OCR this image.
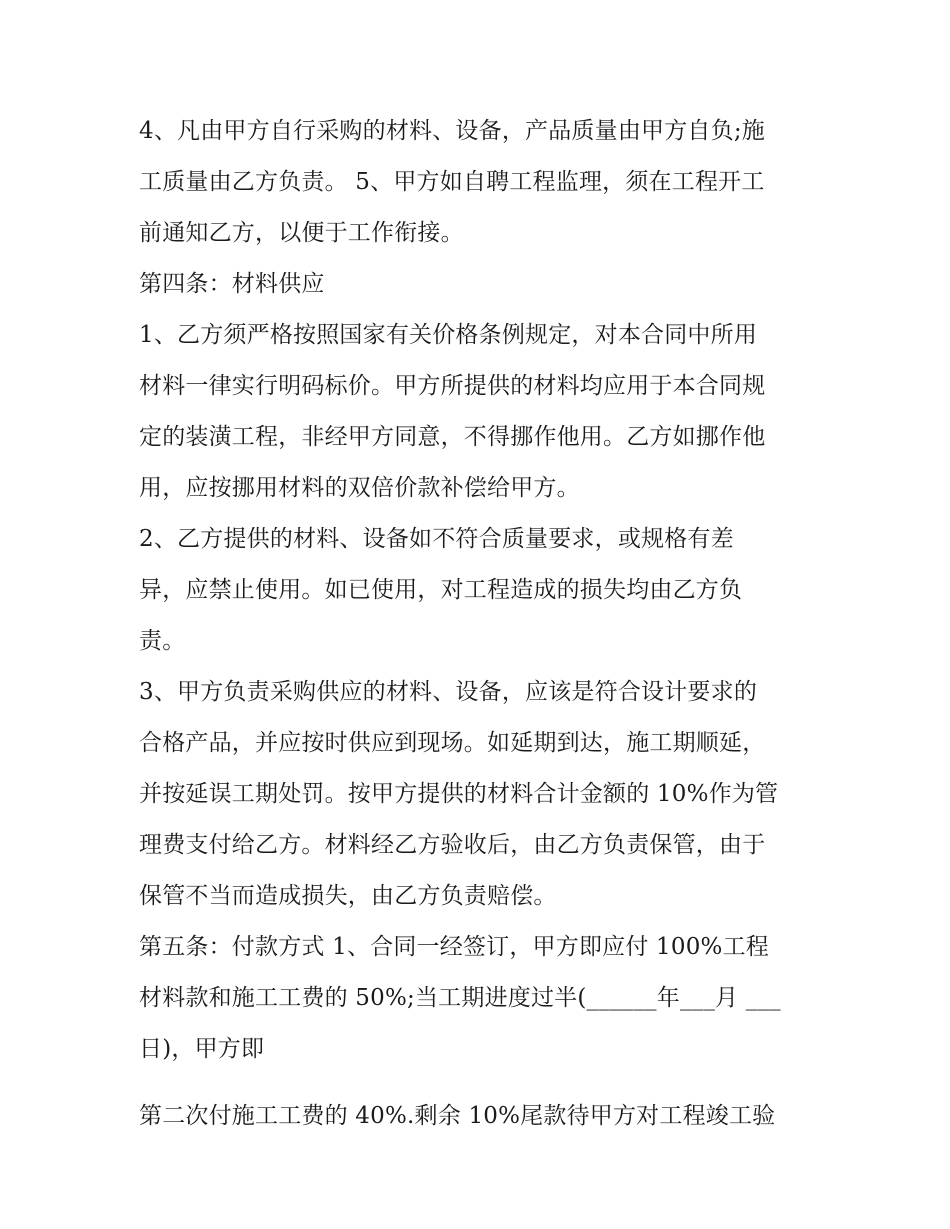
4、凡由甲方自行采购的材料、设备，产品质量由甲方自负;施
工质量由乙方负责。 5、甲方如自聘工程监理，须在工程开工
前通知乙方，以便于工作衔接。
第四条：材料供应
1、乙方须严格按照国家有关价格条例规定，对本合同中所用
材料一律实行明码标价。甲方所提供的材料均应用于本合同规
定的装潢工程，非经甲方同意，不得挪作他用。乙方如挪作他
用，应按挪用材料的双倍价款补偿给甲方。
2、乙方提供的材料、设备如不符合质量要求，或规格有差
异，应禁止使用。如已使用，对工程造成的损失均由乙方负
责。
3、甲方负责采购供应的材料、设备，应该是符合设计要求的
合格产品，并应按时供应到现场。如延期到达，施工期顺延，
并按延误工期处罚。按甲方提供的材料合计金额的 10%作为管
理费支付给乙方。材料经乙方验收后，由乙方负责保管，由于
保管不当而造成损失，由乙方负责赔偿。
第五条：付款方式 1、合同一经签订，甲方即应付 100%工程
材料款和施工工费的 50%;当工期进度过半(______年___月 ___
日)，甲方即
第二次付施工工费的 40%.剩余 10%尾款待甲方对工程竣工验
